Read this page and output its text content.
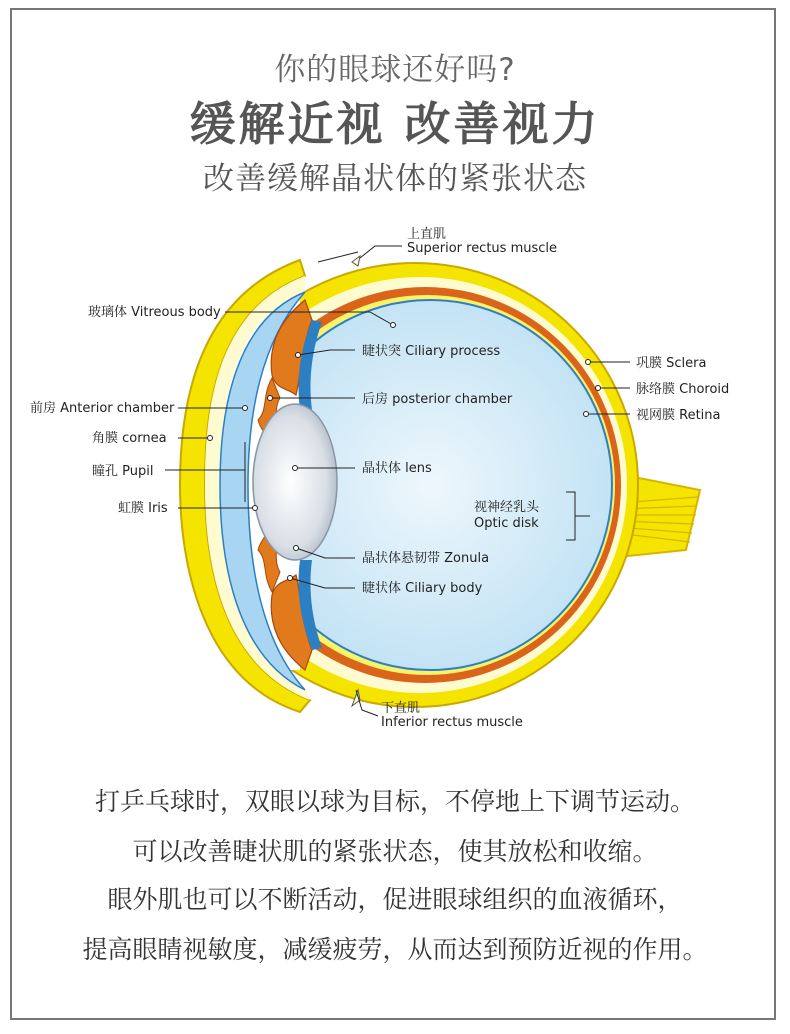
你的眼球还好吗?
缓解近视 改善视力
改善缓解晶状体的紧张状态
上直肌
Superior rectus muscle
玻璃体 Vitreous body
睫状突 Ciliary process
前房 Anterior chamber
后房 posterior chamber
角膜 cornea
瞳孔 Pupil	晶状体 lens
虹膜 Iris
晶状体悬韧带 Zonula
睫状体 Ciliary body
巩膜 Sclera
脉络膜 Choroid
视网膜 Retina
视神经乳头
Optic disk
下直肌
Inferior rectus muscle
打乒乓球时，双眼以球为目标，不停地上下调节运动。
可以改善睫状肌的紧张状态，使其放松和收缩。
眼外肌也可以不断活动，促进眼球组织的血液循环，
提高眼睛视敏度，减缓疲劳，从而达到预防近视的作用。
